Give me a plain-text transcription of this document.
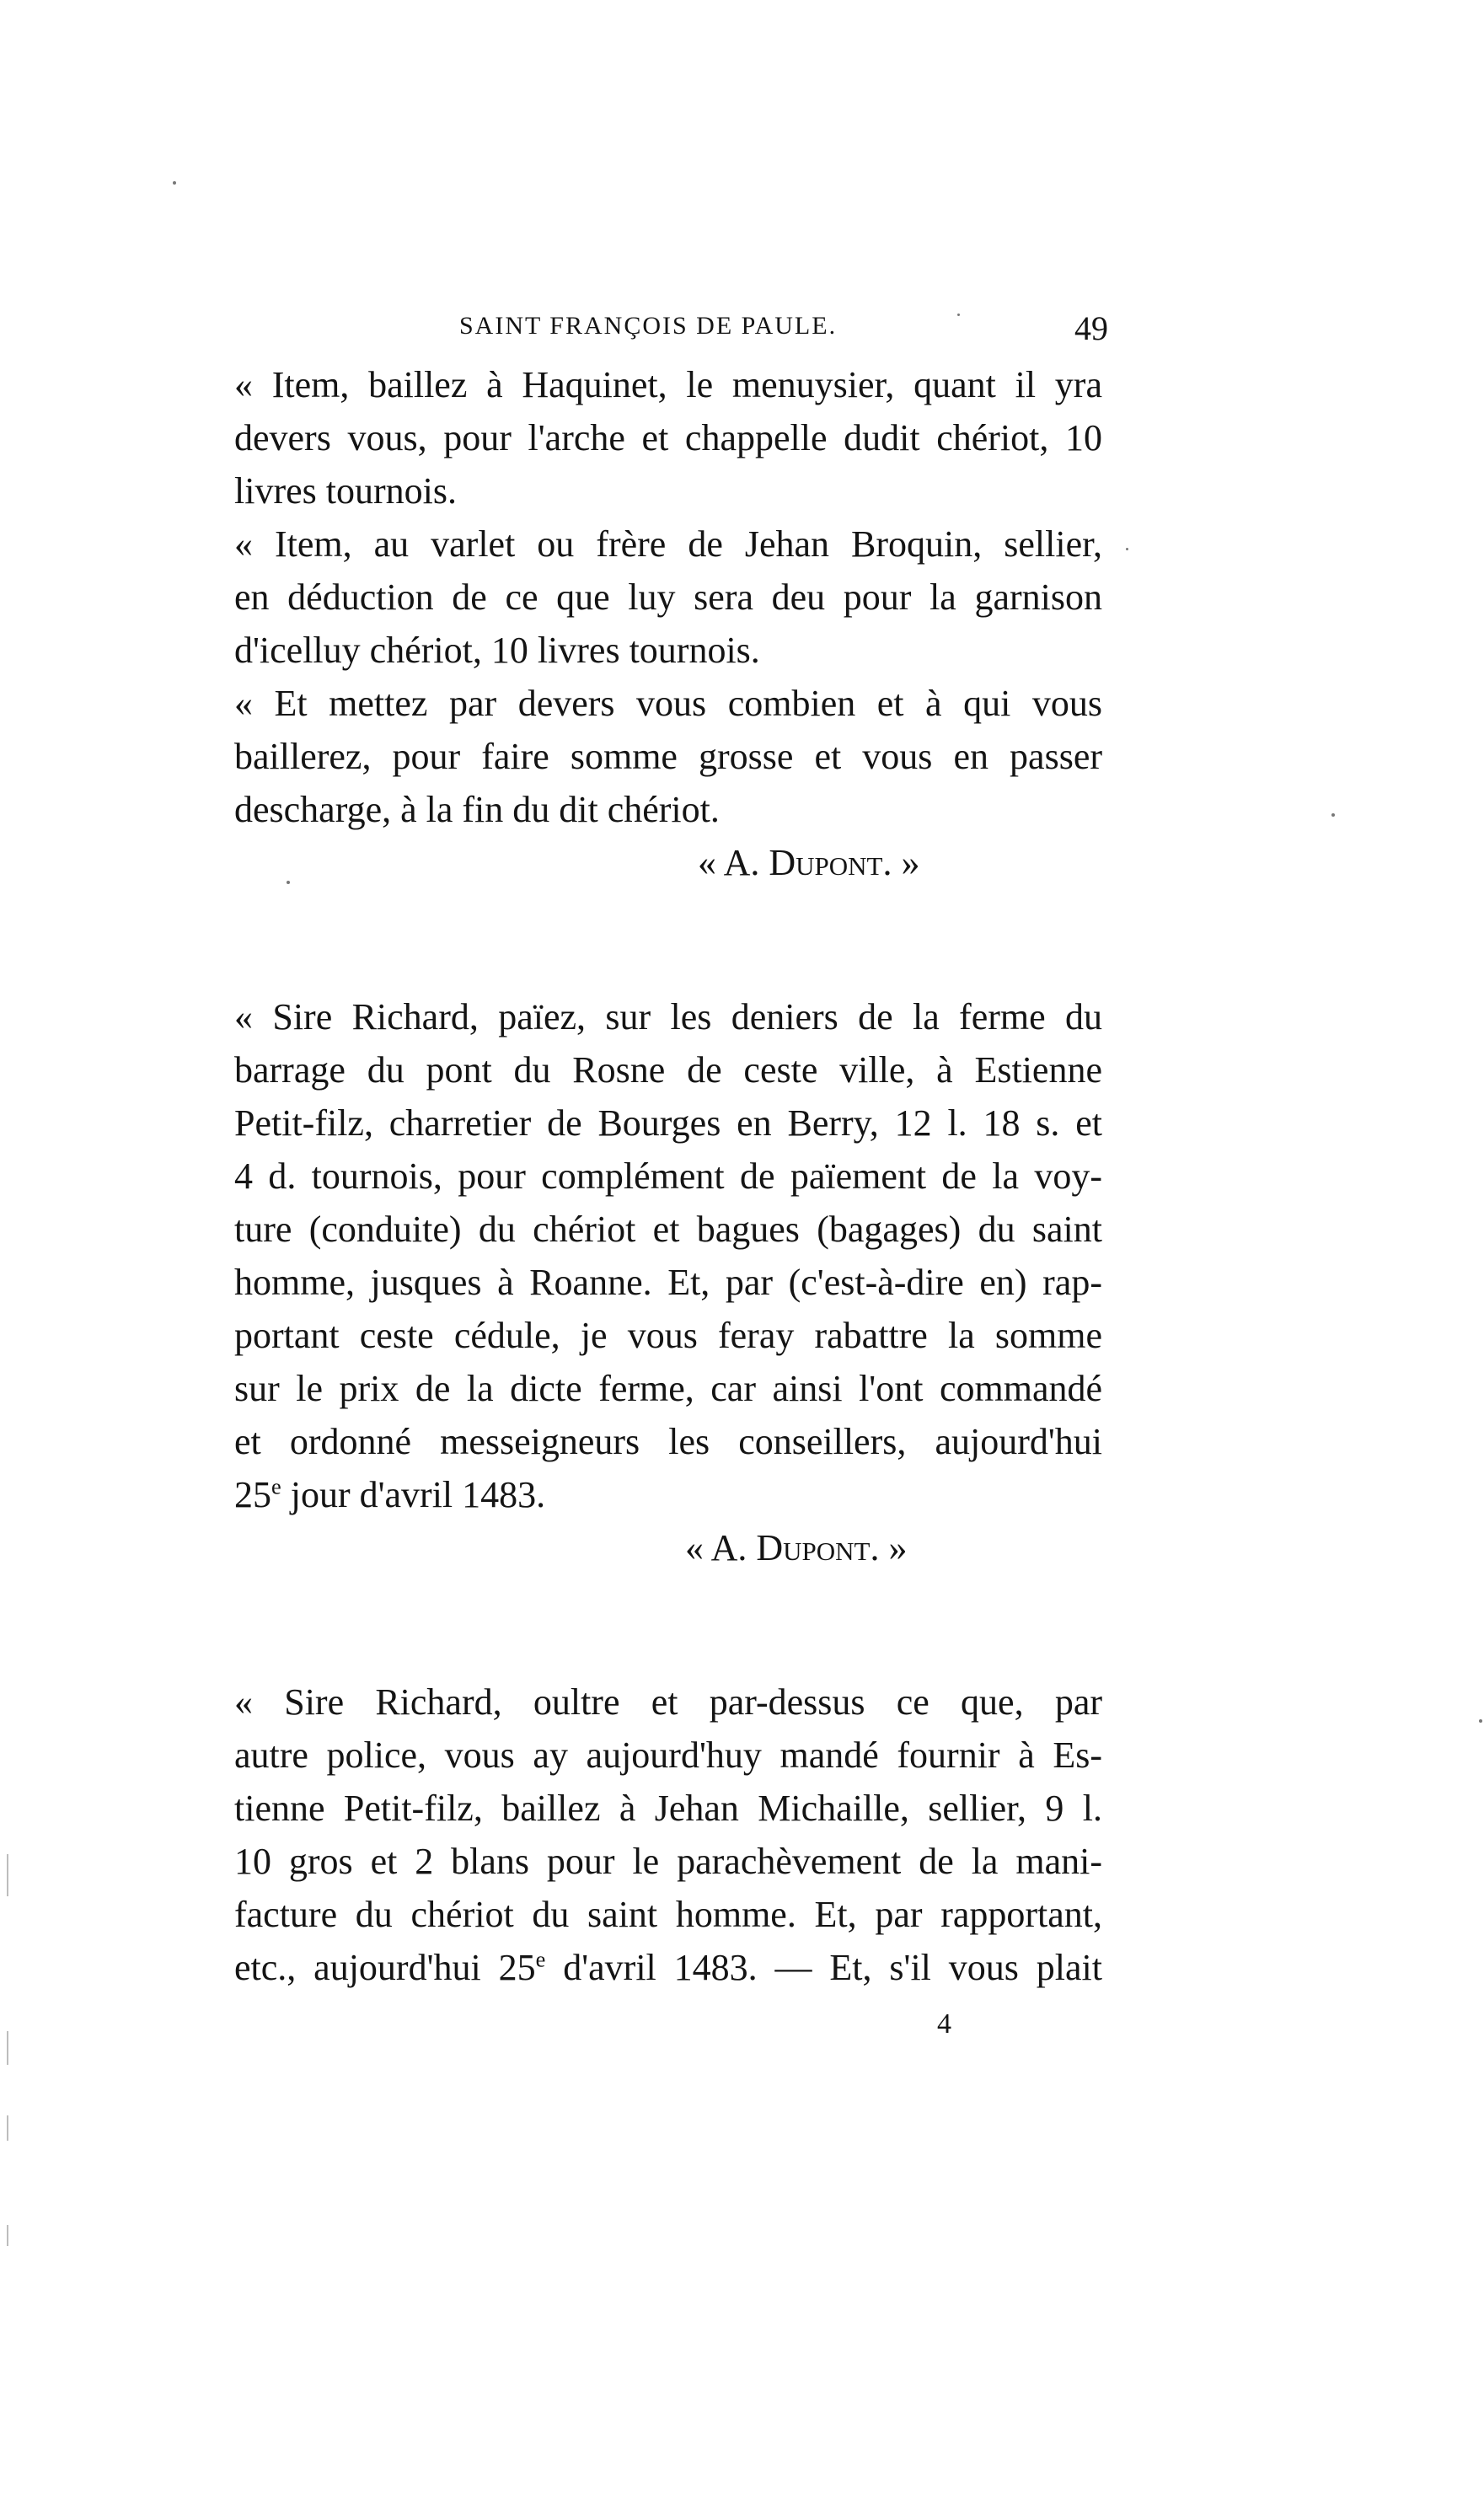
SAINT FRANÇOIS DE PAULE.	49

« Item, baillez à Haquinet, le menuysier, quant il yra
devers vous, pour l'arche et chappelle dudit chériot, 10
livres tournois.

« Item, au varlet ou frère de Jehan Broquin, sellier,
en déduction de ce que luy sera deu pour la garnison
d'icelluy chériot, 10 livres tournois.

« Et mettez par devers vous combien et à qui vous
baillerez, pour faire somme grosse et vous en passer
descharge, à la fin du dit chériot.

« A. Dupont. »

« Sire Richard, païez, sur les deniers de la ferme du
barrage du pont du Rosne de ceste ville, à Estienne
Petit-filz, charretier de Bourges en Berry, 12 l. 18 s. et
4 d. tournois, pour complément de païement de la voy-
ture (conduite) du chériot et bagues (bagages) du saint
homme, jusques à Roanne. Et, par (c'est-à-dire en) rap-
portant ceste cédule, je vous feray rabattre la somme
sur le prix de la dicte ferme, car ainsi l'ont commandé
et ordonné messeigneurs les conseillers, aujourd'hui
25e jour d'avril 1483.

« A. Dupont. »

« Sire Richard, oultre et par-dessus ce que, par
autre police, vous ay aujourd'huy mandé fournir à Es-
tienne Petit-filz, baillez à Jehan Michaille, sellier, 9 l.
10 gros et 2 blans pour le parachèvement de la mani-
facture du chériot du saint homme. Et, par rapportant,
etc., aujourd'hui 25e d'avril 1483. — Et, s'il vous plait

4
